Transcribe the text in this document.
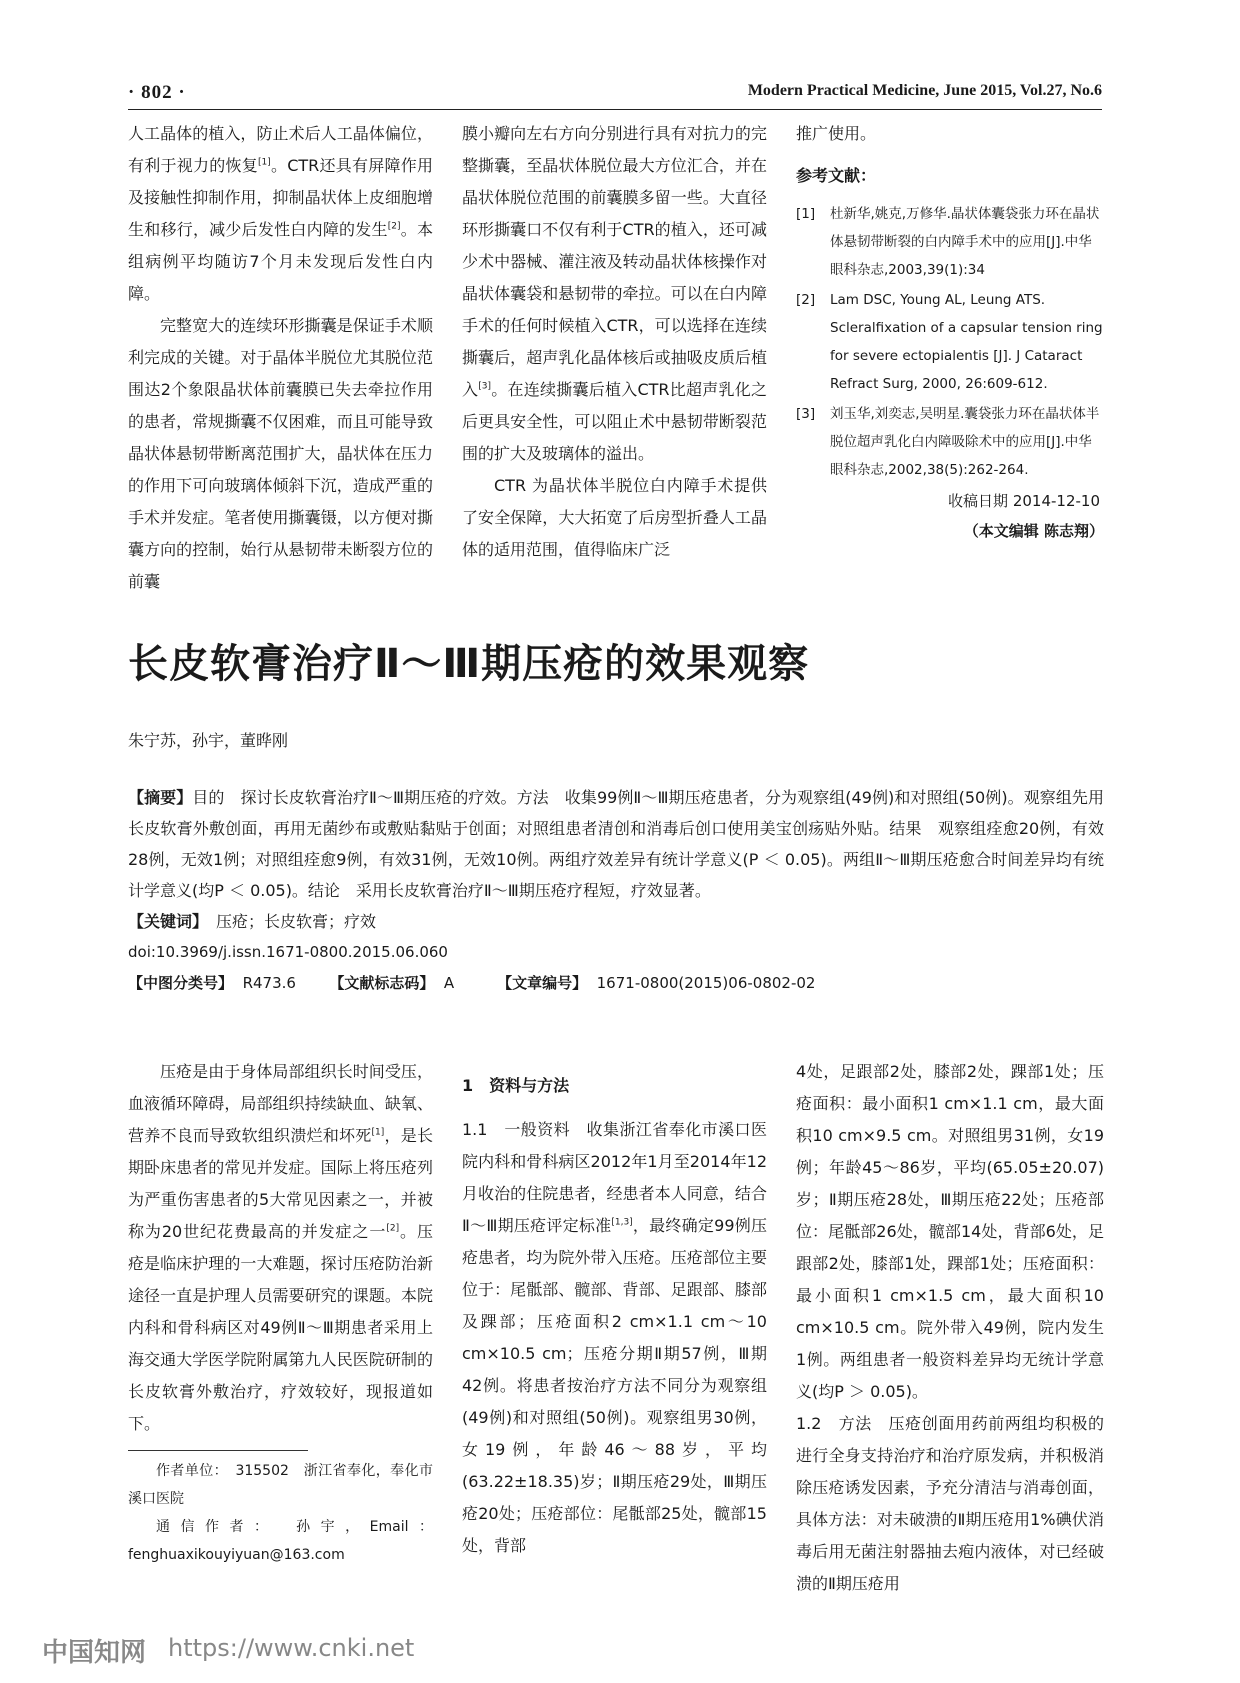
· 802 ·	Modern Practical Medicine, June 2015, Vol.27, No.6

人工晶体的植入，防止术后人工晶体偏位，有利于视力的恢复[1]。CTR还具有屏障作用及接触性抑制作用，抑制晶状体上皮细胞增生和移行，减少后发性白内障的发生[2]。本组病例平均随访7个月未发现后发性白内障。

完整宽大的连续环形撕囊是保证手术顺利完成的关键。对于晶体半脱位尤其脱位范围达2个象限晶状体前囊膜已失去牵拉作用的患者，常规撕囊不仅困难，而且可能导致晶状体悬韧带断离范围扩大，晶状体在压力的作用下可向玻璃体倾斜下沉，造成严重的手术并发症。笔者使用撕囊镊，以方便对撕囊方向的控制，始行从悬韧带未断裂方位的前囊

膜小瓣向左右方向分别进行具有对抗力的完整撕囊，至晶状体脱位最大方位汇合，并在晶状体脱位范围的前囊膜多留一些。大直径环形撕囊口不仅有利于CTR的植入，还可减少术中器械、灌注液及转动晶状体核操作对晶状体囊袋和悬韧带的牵拉。可以在白内障手术的任何时候植入CTR，可以选择在连续撕囊后，超声乳化晶体核后或抽吸皮质后植入[3]。在连续撕囊后植入CTR比超声乳化之后更具安全性，可以阻止术中悬韧带断裂范围的扩大及玻璃体的溢出。

CTR 为晶状体半脱位白内障手术提供了安全保障，大大拓宽了后房型折叠人工晶体的适用范围，值得临床广泛

推广使用。

参考文献：

[1]	杜新华,姚克,万修华.晶状体囊袋张力环在晶状体悬韧带断裂的白内障手术中的应用[J].中华眼科杂志,2003,39(1):34
[2]	Lam DSC, Young AL, Leung ATS. Scleralfixation of a capsular tension ring for severe ectopialentis [J]. J Cataract Refract Surg, 2000, 26:609-612.
[3]	刘玉华,刘奕志,吴明星.囊袋张力环在晶状体半脱位超声乳化白内障吸除术中的应用[J].中华眼科杂志,2002,38(5):262-264.
收稿日期 2014-12-10
（本文编辑 陈志翔）
长皮软膏治疗Ⅱ～Ⅲ期压疮的效果观察
朱宁苏，孙宇，董晔刚

【摘要】目的　探讨长皮软膏治疗Ⅱ～Ⅲ期压疮的疗效。方法　收集99例Ⅱ～Ⅲ期压疮患者，分为观察组(49例)和对照组(50例)。观察组先用长皮软膏外敷创面，再用无菌纱布或敷贴黏贴于创面；对照组患者清创和消毒后创口使用美宝创疡贴外贴。结果　观察组痊愈20例，有效28例，无效1例；对照组痊愈9例，有效31例，无效10例。两组疗效差异有统计学意义(P ＜ 0.05)。两组Ⅱ～Ⅲ期压疮愈合时间差异均有统计学意义(均P ＜ 0.05)。结论　采用长皮软膏治疗Ⅱ～Ⅲ期压疮疗程短，疗效显著。

【关键词】　 压疮；长皮软膏；疗效

doi:10.3969/j.issn.1671-0800.2015.06.060

【中图分类号】 R473.6 【文献标志码】 A	【文章编号】 1671-0800(2015)06-0802-02

压疮是由于身体局部组织长时间受压，血液循环障碍，局部组织持续缺血、缺氧、营养不良而导致软组织溃烂和坏死[1]，是长期卧床患者的常见并发症。国际上将压疮列为严重伤害患者的5大常见因素之一，并被称为20世纪花费最高的并发症之一[2]。压疮是临床护理的一大难题，探讨压疮防治新途径一直是护理人员需要研究的课题。本院内科和骨科病区对49例Ⅱ～Ⅲ期患者采用上海交通大学医学院附属第九人民医院研制的长皮软膏外敷治疗，疗效较好，现报道如下。

作者单位：　315502　浙江省奉化，奉化市溪口医院

通信作者：　孙宇，Email：fenghuaxikouyiyuan@163.com

1　资料与方法

1.1　一般资料　收集浙江省奉化市溪口医院内科和骨科病区2012年1月至2014年12月收治的住院患者，经患者本人同意，结合Ⅱ～Ⅲ期压疮评定标准[1,3]，最终确定99例压疮患者，均为院外带入压疮。压疮部位主要位于：尾骶部、髋部、背部、足跟部、膝部及踝部；压疮面积2 cm×1.1 cm～10 cm×10.5 cm；压疮分期Ⅱ期57例，Ⅲ期42例。将患者按治疗方法不同分为观察组(49例)和对照组(50例)。观察组男30例，女19例，年龄46～88岁，平均(63.22±18.35)岁；Ⅱ期压疮29处，Ⅲ期压疮20处；压疮部位：尾骶部25处，髋部15处，背部

4处，足跟部2处，膝部2处，踝部1处；压疮面积：最小面积1 cm×1.1 cm，最大面积10 cm×9.5 cm。对照组男31例，女19例；年龄45～86岁，平均(65.05±20.07)岁；Ⅱ期压疮28处，Ⅲ期压疮22处；压疮部位：尾骶部26处，髋部14处，背部6处，足跟部2处，膝部1处，踝部1处；压疮面积：最小面积1 cm×1.5 cm，最大面积10 cm×10.5 cm。院外带入49例，院内发生1例。两组患者一般资料差异均无统计学意义(均P ＞ 0.05)。

1.2　方法　压疮创面用药前两组均积极的进行全身支持治疗和治疗原发病，并积极消除压疮诱发因素，予充分清洁与消毒创面，具体方法：对未破溃的Ⅱ期压疮用1%碘伏消毒后用无菌注射器抽去疱内液体，对已经破溃的Ⅱ期压疮用

中国知网 https://www.cnki.net
